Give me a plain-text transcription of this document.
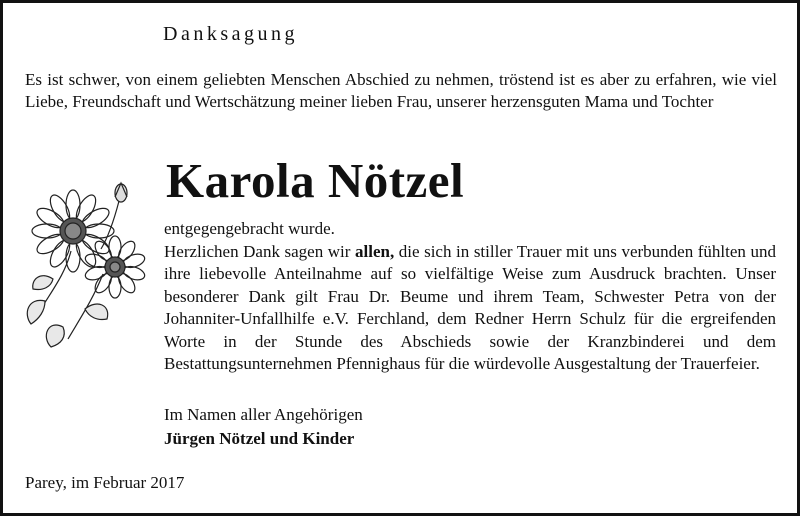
Danksagung

Es ist schwer, von einem geliebten Menschen Abschied zu nehmen, tröstend ist es aber zu erfahren, wie viel Liebe, Freundschaft und Wertschätzung meiner lieben Frau, unserer herzensguten Mama und Tochter

Karola Nötzel

entgegengebracht wurde.

Herzlichen Dank sagen wir allen, die sich in stiller Trauer mit uns verbunden fühlten und ihre liebevolle Anteilnahme auf so vielfältige Weise zum Ausdruck brachten. Unser besonderer Dank gilt Frau Dr. Beume und ihrem Team, Schwester Petra von der Johanniter-Unfallhilfe e.V. Ferchland, dem Redner Herrn Schulz für die ergreifenden Worte in der Stunde des Abschieds sowie der Kranzbinderei und dem Bestattungsunternehmen Pfennighaus für die würdevolle Ausgestaltung der Trauerfeier.

Im Namen aller Angehörigen
Jürgen Nötzel und Kinder
Parey, im Februar 2017
